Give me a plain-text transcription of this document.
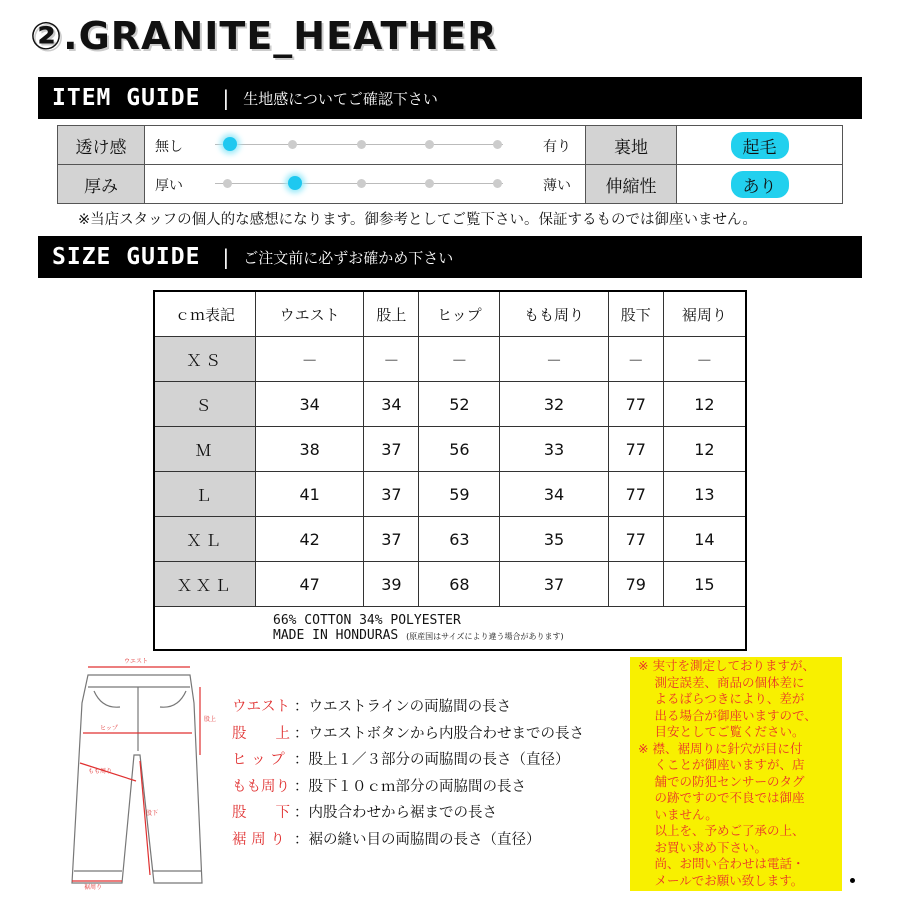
②.GRANITE_HEATHER
ITEM GUIDE | 生地感についてご確認下さい
透け感	無し 有り	裏地	起毛
厚み	厚い 薄い	伸縮性	あり
※当店スタッフの個人的な感想になります。御参考としてご覧下さい。保証するものでは御座いません。
SIZE GUIDE | ご注文前に必ずお確かめ下さい
ｃｍ表記	ウエスト	股上	ヒップ	もも周り	股下	裾周り
ＸＳ	－	－	－	－	－	－
Ｓ	34	34	52	32	77	12
Ｍ	38	37	56	33	77	12
Ｌ	41	37	59	34	77	13
ＸＬ	42	37	63	35	77	14
ＸＸＬ	47	39	68	37	79	15

66% COTTON 34% POLYESTER
MADE IN HONDURAS (原産国はサイズにより違う場合があります)						
ウエスト
股上
ヒップ
もも周り
股下
裾周り
ウエスト ：ウエストラインの両脇間の長さ
股　　上 ：ウエストボタンから内股合わせまでの長さ
ヒ ッ プ ：股上１／３部分の両脇間の長さ（直径）
もも周り ：股下１０ｃｍ部分の両脇間の長さ
股　　下 ：内股合わせから裾までの長さ
裾 周 り ：裾の縫い目の両脇間の長さ（直径）
※ 実寸を測定しておりますが、
　 測定誤差、商品の個体差に
　 よるばらつきにより、差が
　 出る場合が御座いますので、
　 目安としてご覧ください。
※ 襟、裾周りに針穴が目に付
　 くことが御座いますが、店
　 舗での防犯センサーのタグ
　 の跡ですので不良では御座
　 いません。
　 以上を、予めご了承の上、
　 お買い求め下さい。
　 尚、お問い合わせは電話・
　 メールでお願い致します。
